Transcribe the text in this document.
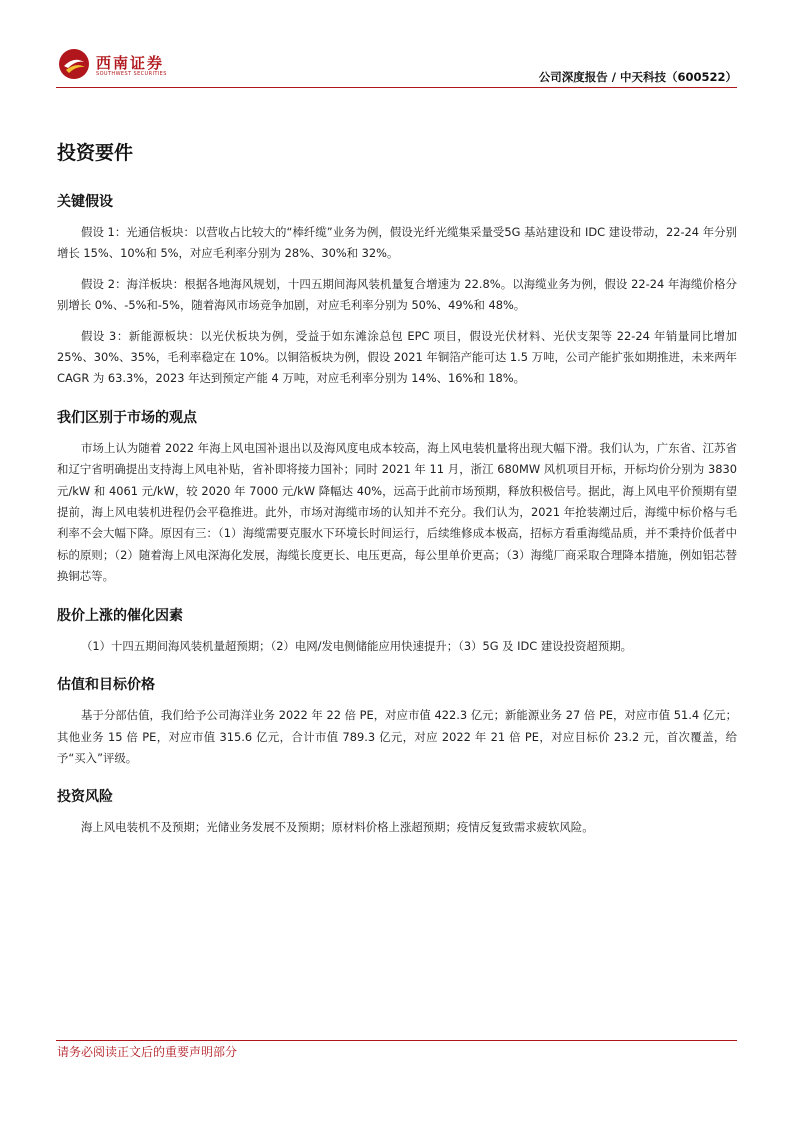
西南证券
SOUTHWEST SECURITIES	公司深度报告 / 中天科技（600522）
投资要件
关键假设

假设 1：光通信板块：以营收占比较大的“棒纤缆”业务为例，假设光纤光缆集采量受5G 基站建设和 IDC 建设带动，22-24 年分别增长 15%、10%和 5%，对应毛利率分别为 28%、30%和 32%。

假设 2：海洋板块：根据各地海风规划，十四五期间海风装机量复合增速为 22.8%。以海缆业务为例，假设 22-24 年海缆价格分别增长 0%、-5%和-5%，随着海风市场竞争加剧，对应毛利率分别为 50%、49%和 48%。

假设 3：新能源板块：以光伏板块为例，受益于如东滩涂总包 EPC 项目，假设光伏材料、光伏支架等 22-24 年销量同比增加 25%、30%、35%，毛利率稳定在 10%。以铜箔板块为例，假设 2021 年铜箔产能可达 1.5 万吨，公司产能扩张如期推进，未来两年 CAGR 为 63.3%，2023 年达到预定产能 4 万吨，对应毛利率分别为 14%、16%和 18%。

我们区别于市场的观点

市场上认为随着 2022 年海上风电国补退出以及海风度电成本较高，海上风电装机量将出现大幅下滑。我们认为，广东省、江苏省和辽宁省明确提出支持海上风电补贴，省补即将接力国补；同时 2021 年 11 月，浙江 680MW 风机项目开标，开标均价分别为 3830 元/kW 和 4061 元/kW，较 2020 年 7000 元/kW 降幅达 40%，远高于此前市场预期，释放积极信号。据此，海上风电平价预期有望提前，海上风电装机进程仍会平稳推进。此外，市场对海缆市场的认知并不充分。我们认为，2021 年抢装潮过后，海缆中标价格与毛利率不会大幅下降。原因有三：（1）海缆需要克服水下环境长时间运行，后续维修成本极高，招标方看重海缆品质，并不秉持价低者中标的原则；（2）随着海上风电深海化发展，海缆长度更长、电压更高，每公里单价更高；（3）海缆厂商采取合理降本措施，例如铝芯替换铜芯等。

股价上涨的催化因素

（1）十四五期间海风装机量超预期；（2）电网/发电侧储能应用快速提升；（3）5G 及 IDC 建设投资超预期。

估值和目标价格

基于分部估值，我们给予公司海洋业务 2022 年 22 倍 PE，对应市值 422.3 亿元；新能源业务 27 倍 PE，对应市值 51.4 亿元；其他业务 15 倍 PE，对应市值 315.6 亿元，合计市值 789.3 亿元，对应 2022 年 21 倍 PE，对应目标价 23.2 元，首次覆盖，给予“买入”评级。

投资风险

海上风电装机不及预期；光储业务发展不及预期；原材料价格上涨超预期；疫情反复致需求疲软风险。

请务必阅读正文后的重要声明部分
